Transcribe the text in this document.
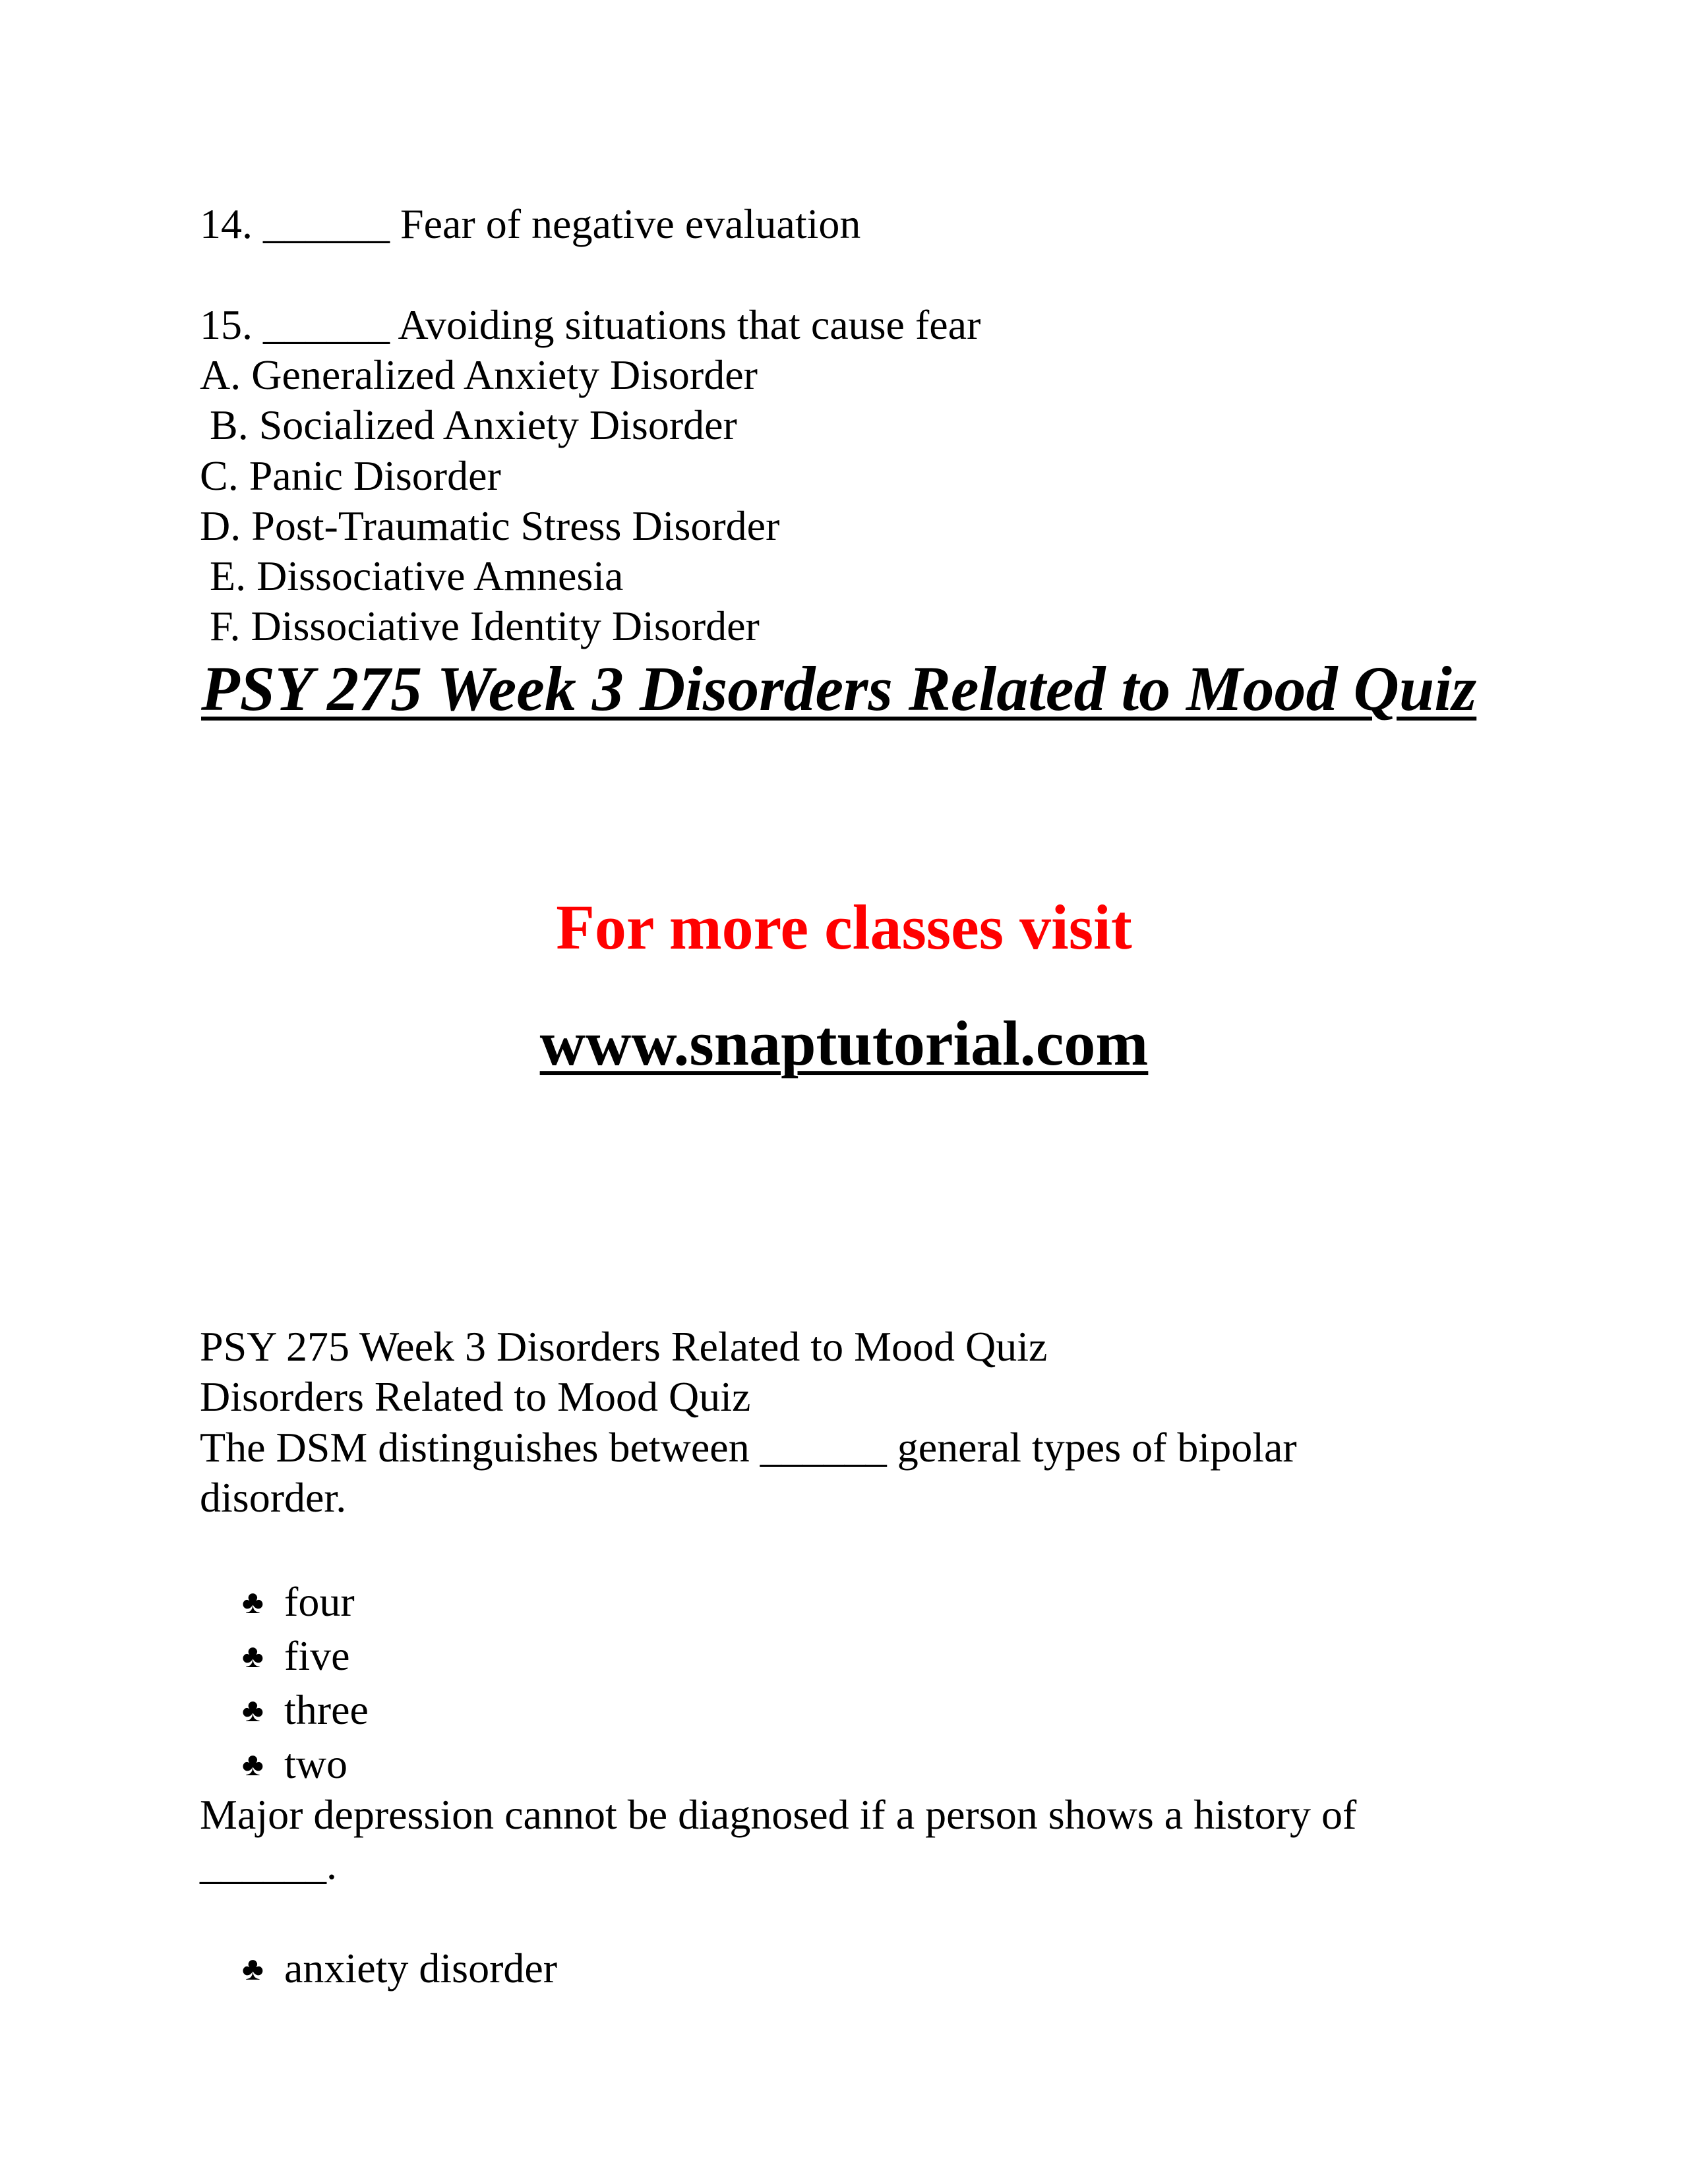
14. ______ Fear of negative evaluation
15. ______ Avoiding situations that cause fear
A. Generalized Anxiety Disorder
B. Socialized Anxiety Disorder
C. Panic Disorder
D. Post-Traumatic Stress Disorder
E. Dissociative Amnesia
F. Dissociative Identity Disorder
PSY 275 Week 3 Disorders Related to Mood Quiz
For more classes visit
www.snaptutorial.com
PSY 275 Week 3 Disorders Related to Mood Quiz
Disorders Related to Mood Quiz
The DSM distinguishes between ______ general types of bipolar
disorder.

♣ four

♣ five

♣ three

♣ two

Major depression cannot be diagnosed if a person shows a history of
______.

♣ anxiety disorder
